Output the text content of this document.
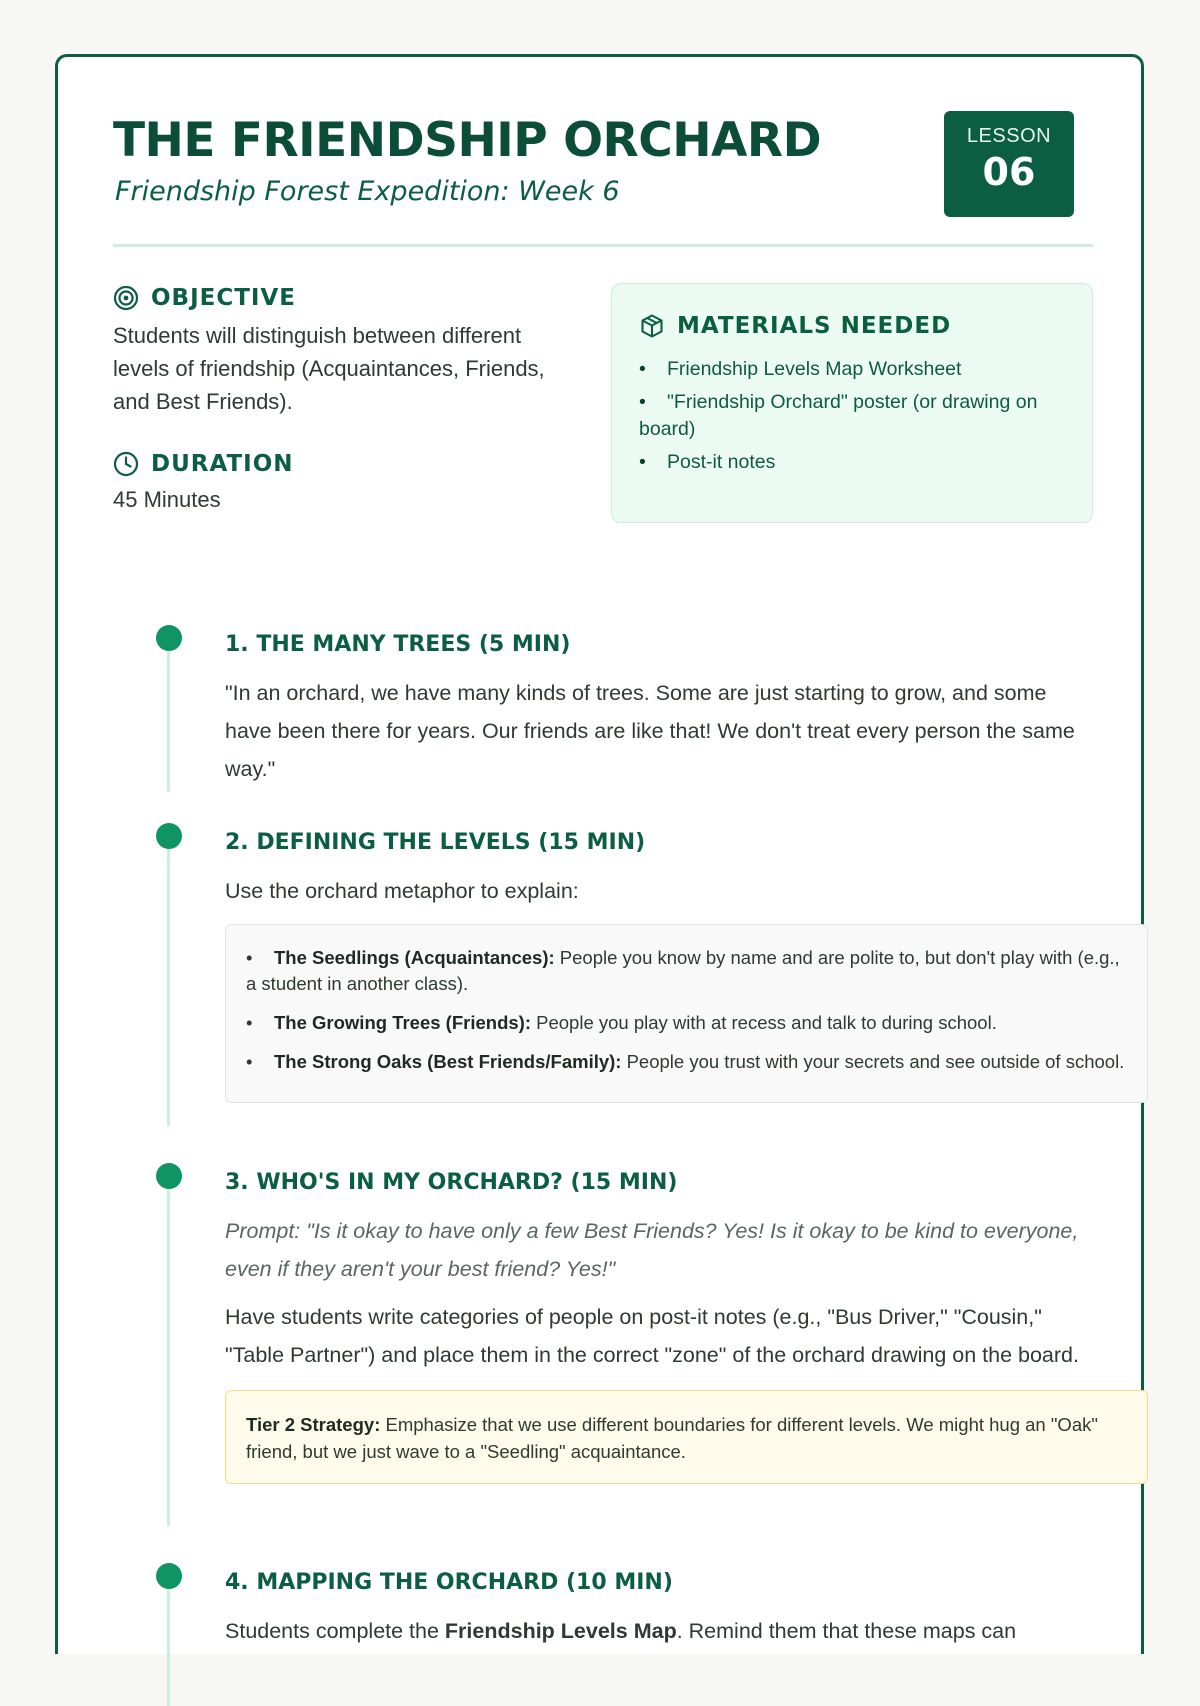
THE FRIENDSHIP ORCHARD
Friendship Forest Expedition: Week 6
LESSON
06
OBJECTIVE

Students will distinguish between different levels of friendship (Acquaintances, Friends, and Best Friends).

DURATION

45 Minutes

MATERIALS NEEDED
• Friendship Levels Map Worksheet
• "Friendship Orchard" poster (or drawing on board)
• Post-it notes
1. THE MANY TREES (5 MIN)

"In an orchard, we have many kinds of trees. Some are just starting to grow, and some have been there for years. Our friends are like that! We don't treat every person the same way."

2. DEFINING THE LEVELS (15 MIN)

Use the orchard metaphor to explain:

• The Seedlings (Acquaintances): People you know by name and are polite to, but don't play with (e.g., a student in another class).
• The Growing Trees (Friends): People you play with at recess and talk to during school.
• The Strong Oaks (Best Friends/Family): People you trust with your secrets and see outside of school.
3. WHO'S IN MY ORCHARD? (15 MIN)

Prompt: "Is it okay to have only a few Best Friends? Yes! Is it okay to be kind to everyone, even if they aren't your best friend? Yes!"

Have students write categories of people on post-it notes (e.g., "Bus Driver," "Cousin," "Table Partner") and place them in the correct "zone" of the orchard drawing on the board.

Tier 2 Strategy: Emphasize that we use different boundaries for different levels. We might hug an "Oak" friend, but we just wave to a "Seedling" acquaintance.
4. MAPPING THE ORCHARD (10 MIN)

Students complete the Friendship Levels Map. Remind them that these maps can
